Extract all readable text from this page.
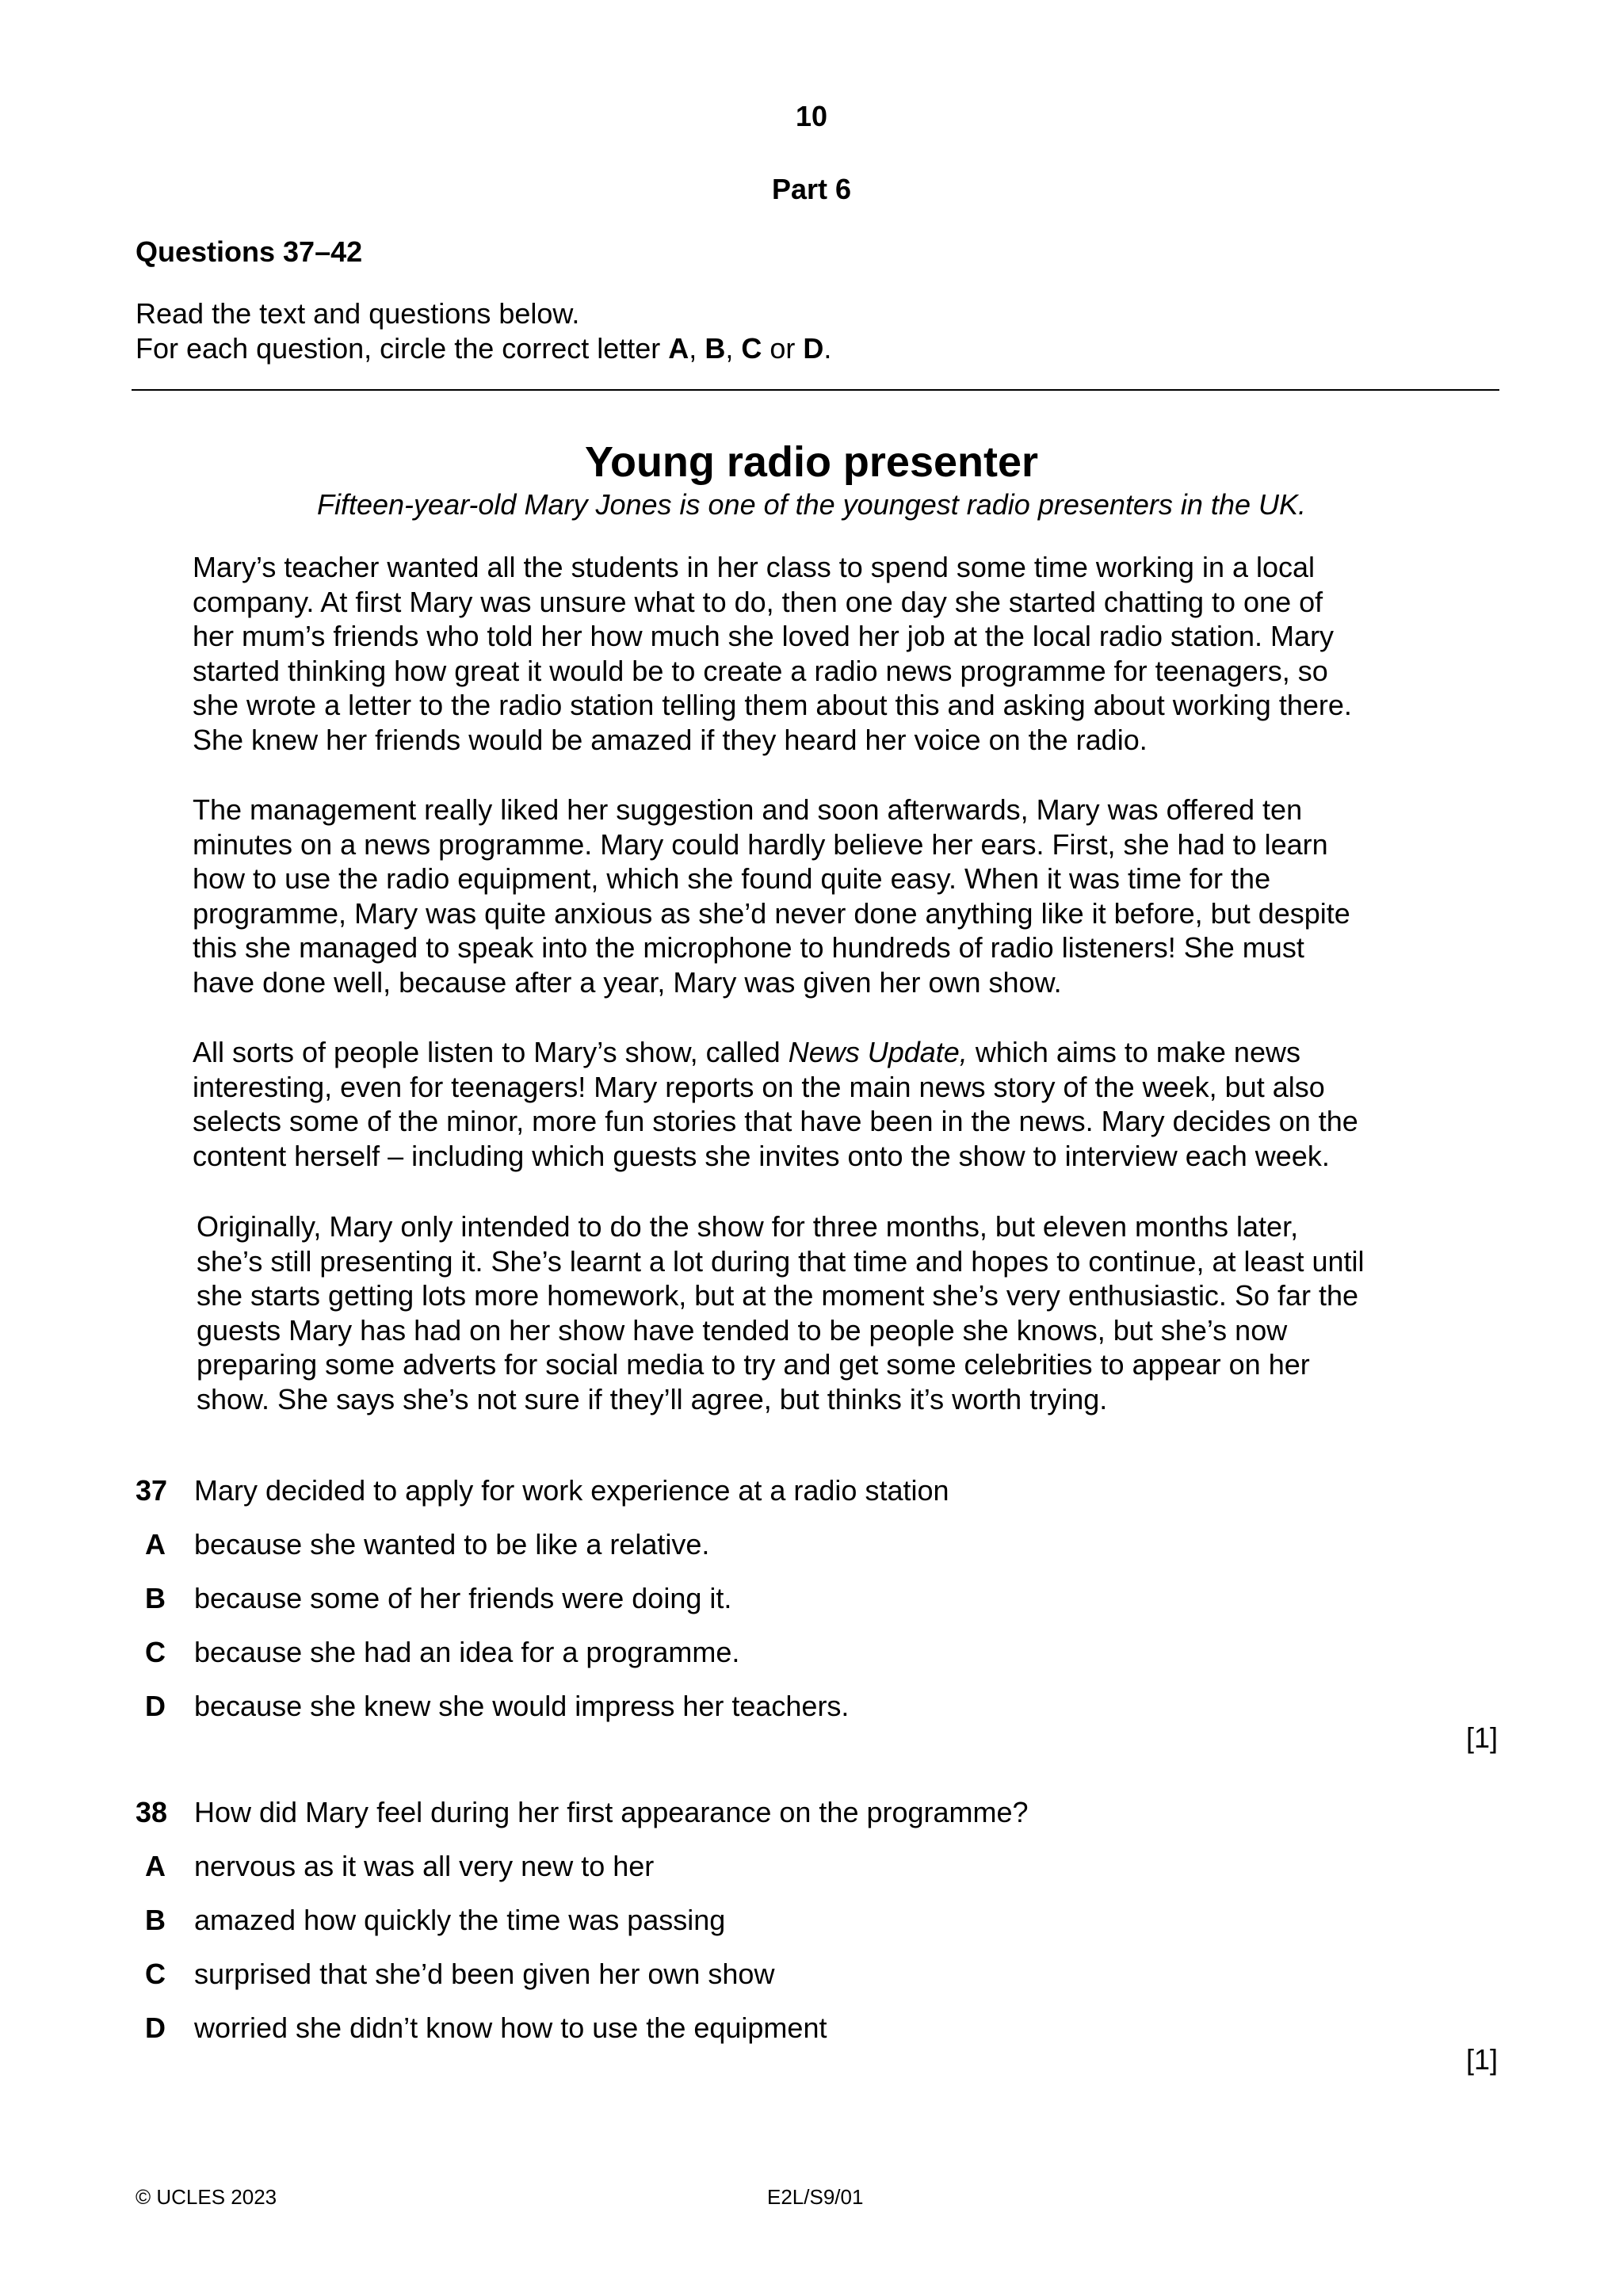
10
Part 6
Questions 37–42
Read the text and questions below.
For each question, circle the correct letter A, B, C or D.
Young radio presenter
Fifteen-year-old Mary Jones is one of the youngest radio presenters in the UK.
Mary’s teacher wanted all the students in her class to spend some time working in a local
company. At first Mary was unsure what to do, then one day she started chatting to one of
her mum’s friends who told her how much she loved her job at the local radio station. Mary
started thinking how great it would be to create a radio news programme for teenagers, so
she wrote a letter to the radio station telling them about this and asking about working there.
She knew her friends would be amazed if they heard her voice on the radio.
The management really liked her suggestion and soon afterwards, Mary was offered ten
minutes on a news programme. Mary could hardly believe her ears. First, she had to learn
how to use the radio equipment, which she found quite easy. When it was time for the
programme, Mary was quite anxious as she’d never done anything like it before, but despite
this she managed to speak into the microphone to hundreds of radio listeners! She must
have done well, because after a year, Mary was given her own show.
All sorts of people listen to Mary’s show, called News Update, which aims to make news
interesting, even for teenagers! Mary reports on the main news story of the week, but also
selects some of the minor, more fun stories that have been in the news. Mary decides on the
content herself – including which guests she invites onto the show to interview each week.
Originally, Mary only intended to do the show for three months, but eleven months later,
she’s still presenting it. She’s learnt a lot during that time and hopes to continue, at least until
she starts getting lots more homework, but at the moment she’s very enthusiastic. So far the
guests Mary has had on her show have tended to be people she knows, but she’s now
preparing some adverts for social media to try and get some celebrities to appear on her
show. She says she’s not sure if they’ll agree, but thinks it’s worth trying.
37 Mary decided to apply for work experience at a radio station
A	because she wanted to be like a relative.
B	because some of her friends were doing it.
C	because she had an idea for a programme.
D	because she knew she would impress her teachers.
[1]
38 How did Mary feel during her first appearance on the programme?
A	nervous as it was all very new to her
B	amazed how quickly the time was passing
C	surprised that she’d been given her own show
D	worried she didn’t know how to use the equipment
[1]
© UCLES 2023	E2L/S9/01
